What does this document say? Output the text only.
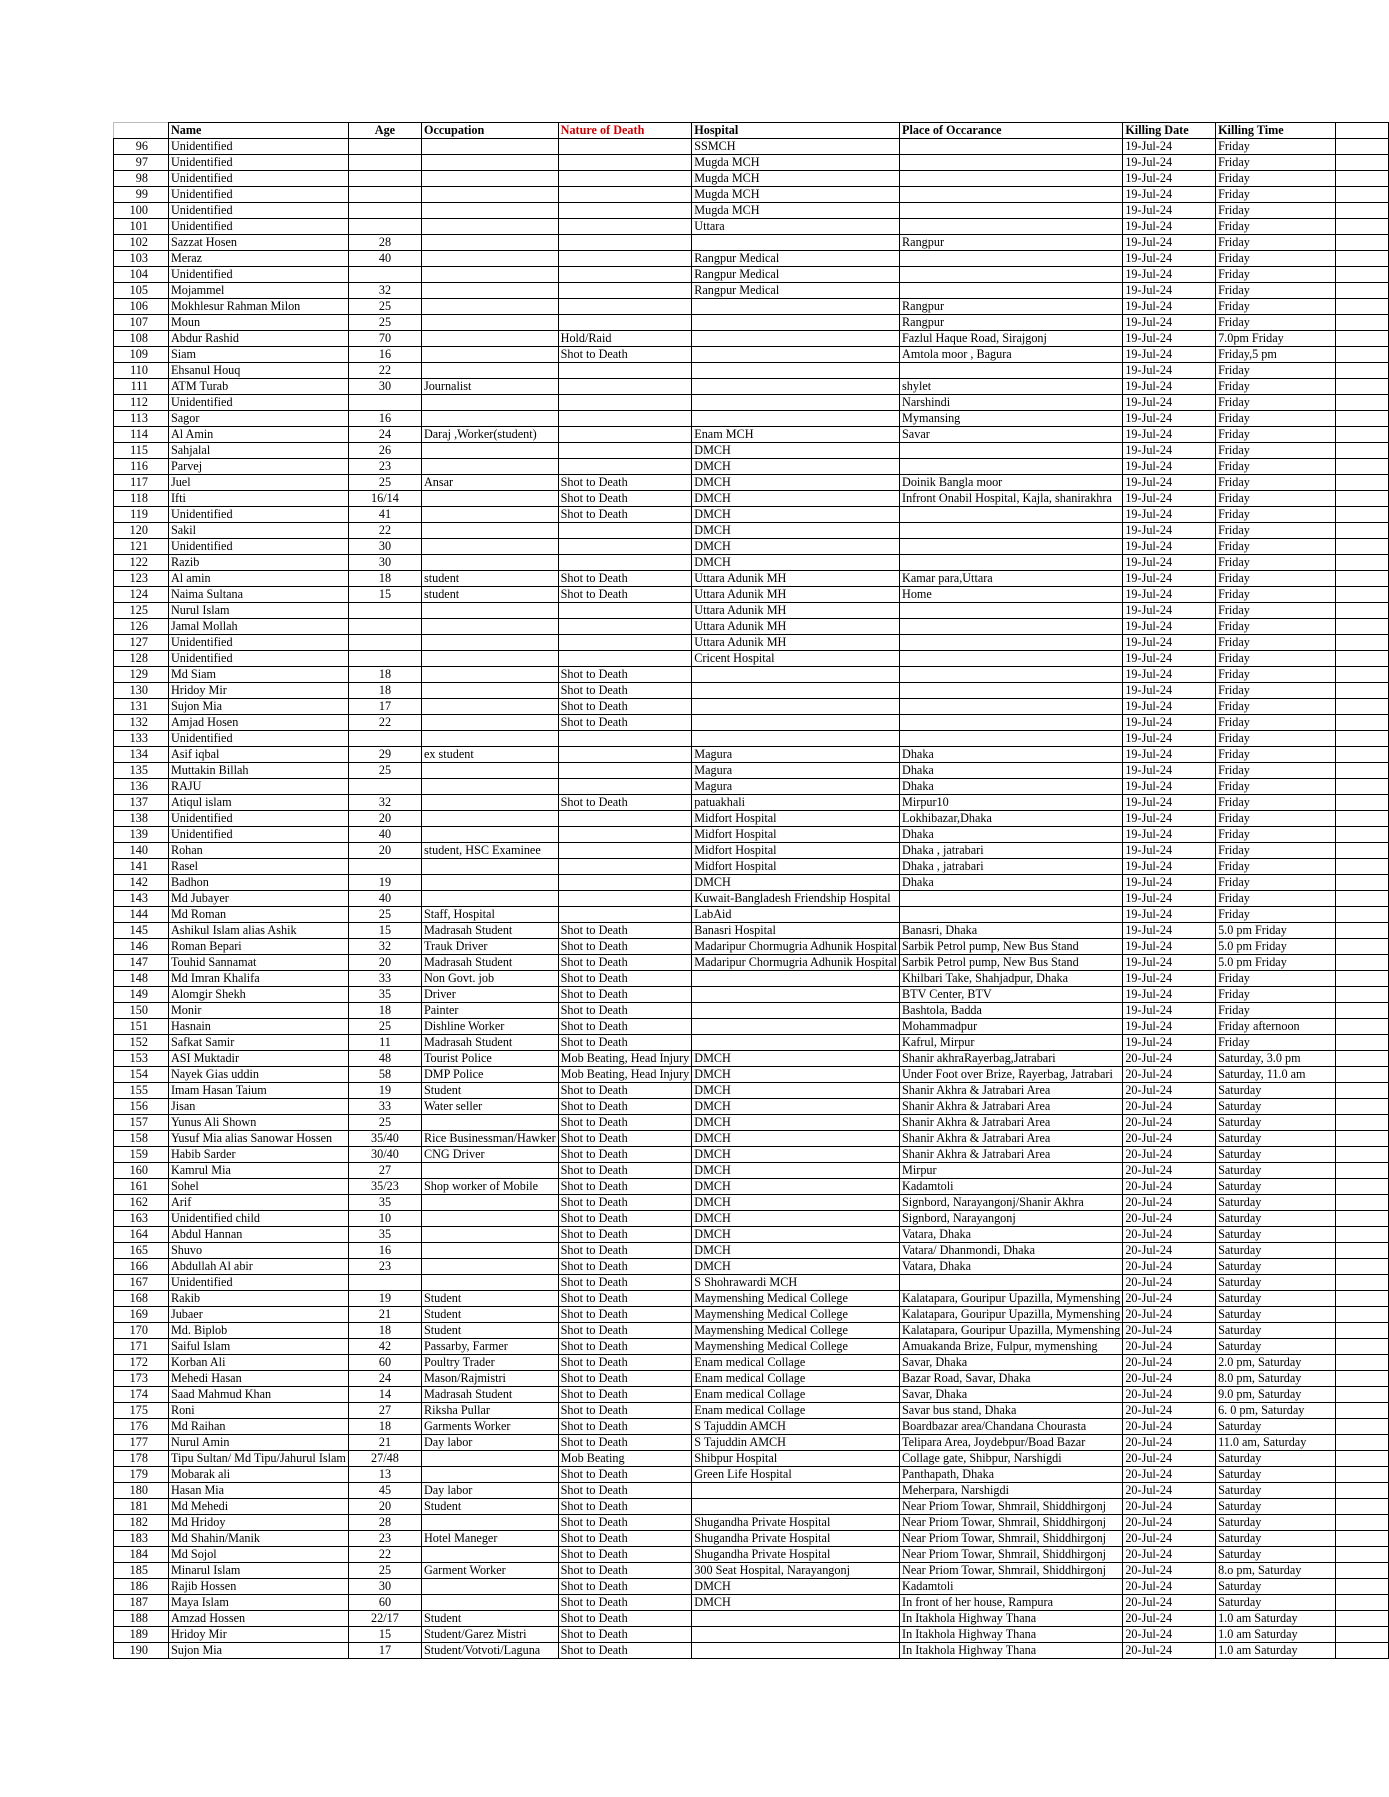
	Name	Age	Occupation	Nature of Death	Hospital	Place of Occarance	Killing Date	Killing Time	
96	Unidentified				SSMCH		19-Jul-24	Friday	
97	Unidentified				Mugda MCH		19-Jul-24	Friday	
98	Unidentified				Mugda MCH		19-Jul-24	Friday	
99	Unidentified				Mugda MCH		19-Jul-24	Friday	
100	Unidentified				Mugda MCH		19-Jul-24	Friday	
101	Unidentified				Uttara		19-Jul-24	Friday	
102	Sazzat Hosen	28				Rangpur	19-Jul-24	Friday	
103	Meraz	40			Rangpur Medical		19-Jul-24	Friday	
104	Unidentified				Rangpur Medical		19-Jul-24	Friday	
105	Mojammel	32			Rangpur Medical		19-Jul-24	Friday	
106	Mokhlesur Rahman Milon	25				Rangpur	19-Jul-24	Friday	
107	Moun	25				Rangpur	19-Jul-24	Friday	
108	Abdur Rashid	70		Hold/Raid		Fazlul Haque Road, Sirajgonj	19-Jul-24	7.0pm Friday	
109	Siam	16		Shot to Death		Amtola moor , Bagura	19-Jul-24	Friday,5 pm	
110	Ehsanul Houq	22					19-Jul-24	Friday	
111	ATM Turab	30	Journalist			shylet	19-Jul-24	Friday	
112	Unidentified					Narshindi	19-Jul-24	Friday	
113	Sagor	16				Mymansing	19-Jul-24	Friday	
114	Al Amin	24	Daraj ,Worker(student)		Enam MCH	Savar	19-Jul-24	Friday	
115	Sahjalal	26			DMCH		19-Jul-24	Friday	
116	Parvej	23			DMCH		19-Jul-24	Friday	
117	Juel	25	Ansar	Shot to Death	DMCH	Doinik Bangla moor	19-Jul-24	Friday	
118	Ifti	16/14		Shot to Death	DMCH	Infront Onabil Hospital, Kajla, shanirakhra	19-Jul-24	Friday	
119	Unidentified	41		Shot to Death	DMCH		19-Jul-24	Friday	
120	Sakil	22			DMCH		19-Jul-24	Friday	
121	Unidentified	30			DMCH		19-Jul-24	Friday	
122	Razib	30			DMCH		19-Jul-24	Friday	
123	Al amin	18	student	Shot to Death	Uttara Adunik MH	Kamar para,Uttara	19-Jul-24	Friday	
124	Naima Sultana	15	student	Shot to Death	Uttara Adunik MH	Home	19-Jul-24	Friday	
125	Nurul Islam				Uttara Adunik MH		19-Jul-24	Friday	
126	Jamal Mollah				Uttara Adunik MH		19-Jul-24	Friday	
127	Unidentified				Uttara Adunik MH		19-Jul-24	Friday	
128	Unidentified				Cricent Hospital		19-Jul-24	Friday	
129	Md Siam	18		Shot to Death			19-Jul-24	Friday	
130	Hridoy Mir	18		Shot to Death			19-Jul-24	Friday	
131	Sujon Mia	17		Shot to Death			19-Jul-24	Friday	
132	Amjad Hosen	22		Shot to Death			19-Jul-24	Friday	
133	Unidentified						19-Jul-24	Friday	
134	Asif iqbal	29	ex student		Magura	Dhaka	19-Jul-24	Friday	
135	Muttakin Billah	25			Magura	Dhaka	19-Jul-24	Friday	
136	RAJU				Magura	Dhaka	19-Jul-24	Friday	
137	Atiqul islam	32		Shot to Death	patuakhali	Mirpur10	19-Jul-24	Friday	
138	Unidentified	20			Midfort Hospital	Lokhibazar,Dhaka	19-Jul-24	Friday	
139	Unidentified	40			Midfort Hospital	Dhaka	19-Jul-24	Friday	
140	Rohan	20	student, HSC Examinee		Midfort Hospital	Dhaka , jatrabari	19-Jul-24	Friday	
141	Rasel				Midfort Hospital	Dhaka , jatrabari	19-Jul-24	Friday	
142	Badhon	19			DMCH	Dhaka	19-Jul-24	Friday	
143	Md Jubayer	40			Kuwait-Bangladesh Friendship Hospital		19-Jul-24	Friday	
144	Md Roman	25	Staff, Hospital		LabAid		19-Jul-24	Friday	
145	Ashikul Islam alias Ashik	15	Madrasah Student	Shot to Death	Banasri Hospital	Banasri, Dhaka	19-Jul-24	5.0 pm Friday	
146	Roman Bepari	32	Trauk Driver	Shot to Death	Madaripur Chormugria Adhunik Hospital	Sarbik Petrol pump, New Bus Stand	19-Jul-24	5.0 pm Friday	
147	Touhid Sannamat	20	Madrasah Student	Shot to Death	Madaripur Chormugria Adhunik Hospital	Sarbik Petrol pump, New Bus Stand	19-Jul-24	5.0 pm Friday	
148	Md Imran Khalifa	33	Non Govt. job	Shot to Death		Khilbari Take, Shahjadpur, Dhaka	19-Jul-24	Friday	
149	Alomgir Shekh	35	Driver	Shot to Death		BTV Center, BTV	19-Jul-24	Friday	
150	Monir	18	Painter	Shot to Death		Bashtola, Badda	19-Jul-24	Friday	
151	Hasnain	25	Dishline Worker	Shot to Death		Mohammadpur	19-Jul-24	Friday afternoon	
152	Safkat Samir	11	Madrasah Student	Shot to Death		Kafrul, Mirpur	19-Jul-24	Friday	
153	ASI Muktadir	48	Tourist Police	Mob Beating, Head Injury	DMCH	Shanir akhraRayerbag,Jatrabari	20-Jul-24	Saturday, 3.0 pm	
154	Nayek Gias uddin	58	DMP Police	Mob Beating, Head Injury	DMCH	Under Foot over Brize, Rayerbag, Jatrabari	20-Jul-24	Saturday, 11.0 am	
155	Imam Hasan Taium	19	Student	Shot to Death	DMCH	Shanir Akhra & Jatrabari Area	20-Jul-24	Saturday	
156	Jisan	33	Water seller	Shot to Death	DMCH	Shanir Akhra & Jatrabari Area	20-Jul-24	Saturday	
157	Yunus Ali Shown	25		Shot to Death	DMCH	Shanir Akhra & Jatrabari Area	20-Jul-24	Saturday	
158	Yusuf Mia alias Sanowar Hossen	35/40	Rice Businessman/Hawker	Shot to Death	DMCH	Shanir Akhra & Jatrabari Area	20-Jul-24	Saturday	
159	Habib Sarder	30/40	CNG Driver	Shot to Death	DMCH	Shanir Akhra & Jatrabari Area	20-Jul-24	Saturday	
160	Kamrul Mia	27		Shot to Death	DMCH	Mirpur	20-Jul-24	Saturday	
161	Sohel	35/23	Shop worker of Mobile	Shot to Death	DMCH	Kadamtoli	20-Jul-24	Saturday	
162	Arif	35		Shot to Death	DMCH	Signbord, Narayangonj/Shanir Akhra	20-Jul-24	Saturday	
163	Unidentified child	10		Shot to Death	DMCH	Signbord, Narayangonj	20-Jul-24	Saturday	
164	Abdul Hannan	35		Shot to Death	DMCH	Vatara, Dhaka	20-Jul-24	Saturday	
165	Shuvo	16		Shot to Death	DMCH	Vatara/ Dhanmondi, Dhaka	20-Jul-24	Saturday	
166	Abdullah Al abir	23		Shot to Death	DMCH	Vatara, Dhaka	20-Jul-24	Saturday	
167	Unidentified			Shot to Death	S Shohrawardi MCH		20-Jul-24	Saturday	
168	Rakib	19	Student	Shot to Death	Maymenshing Medical College	Kalatapara, Gouripur Upazilla, Mymenshing	20-Jul-24	Saturday	
169	Jubaer	21	Student	Shot to Death	Maymenshing Medical College	Kalatapara, Gouripur Upazilla, Mymenshing	20-Jul-24	Saturday	
170	Md. Biplob	18	Student	Shot to Death	Maymenshing Medical College	Kalatapara, Gouripur Upazilla, Mymenshing	20-Jul-24	Saturday	
171	Saiful Islam	42	Passarby, Farmer	Shot to Death	Maymenshing Medical College	Amuakanda Brize, Fulpur, mymenshing	20-Jul-24	Saturday	
172	Korban Ali	60	Poultry Trader	Shot to Death	Enam medical Collage	Savar, Dhaka	20-Jul-24	2.0 pm, Saturday	
173	Mehedi Hasan	24	Mason/Rajmistri	Shot to Death	Enam medical Collage	Bazar Road, Savar, Dhaka	20-Jul-24	8.0 pm, Saturday	
174	Saad Mahmud Khan	14	Madrasah Student	Shot to Death	Enam medical Collage	Savar, Dhaka	20-Jul-24	9.0 pm, Saturday	
175	Roni	27	Riksha Pullar	Shot to Death	Enam medical Collage	Savar bus stand, Dhaka	20-Jul-24	6. 0 pm, Saturday	
176	Md Raihan	18	Garments Worker	Shot to Death	S Tajuddin AMCH	Boardbazar area/Chandana Chourasta	20-Jul-24	Saturday	
177	Nurul Amin	21	Day labor	Shot to Death	S Tajuddin AMCH	Telipara Area, Joydebpur/Boad Bazar	20-Jul-24	11.0 am, Saturday	
178	Tipu Sultan/ Md Tipu/Jahurul Islam	27/48		Mob Beating	Shibpur Hospital	Collage gate, Shibpur, Narshigdi	20-Jul-24	Saturday	
179	Mobarak ali	13		Shot to Death	Green Life Hospital	Panthapath, Dhaka	20-Jul-24	Saturday	
180	Hasan Mia	45	Day labor	Shot to Death		Meherpara, Narshigdi	20-Jul-24	Saturday	
181	Md Mehedi	20	Student	Shot to Death		Near Priom Towar, Shmrail, Shiddhirgonj	20-Jul-24	Saturday	
182	Md Hridoy	28		Shot to Death	Shugandha Private Hospital	Near Priom Towar, Shmrail, Shiddhirgonj	20-Jul-24	Saturday	
183	Md Shahin/Manik	23	Hotel Maneger	Shot to Death	Shugandha Private Hospital	Near Priom Towar, Shmrail, Shiddhirgonj	20-Jul-24	Saturday	
184	Md Sojol	22		Shot to Death	Shugandha Private Hospital	Near Priom Towar, Shmrail, Shiddhirgonj	20-Jul-24	Saturday	
185	Minarul Islam	25	Garment Worker	Shot to Death	300 Seat Hospital, Narayangonj	Near Priom Towar, Shmrail, Shiddhirgonj	20-Jul-24	8.o pm, Saturday	
186	Rajib Hossen	30		Shot to Death	DMCH	Kadamtoli	20-Jul-24	Saturday	
187	Maya Islam	60		Shot to Death	DMCH	In front of her house, Rampura	20-Jul-24	Saturday	
188	Amzad Hossen	22/17	Student	Shot to Death		In Itakhola Highway Thana	20-Jul-24	1.0 am Saturday	
189	Hridoy Mir	15	Student/Garez Mistri	Shot to Death		In Itakhola Highway Thana	20-Jul-24	1.0 am Saturday	
190	Sujon Mia	17	Student/Votvoti/Laguna	Shot to Death		In Itakhola Highway Thana	20-Jul-24	1.0 am Saturday	
